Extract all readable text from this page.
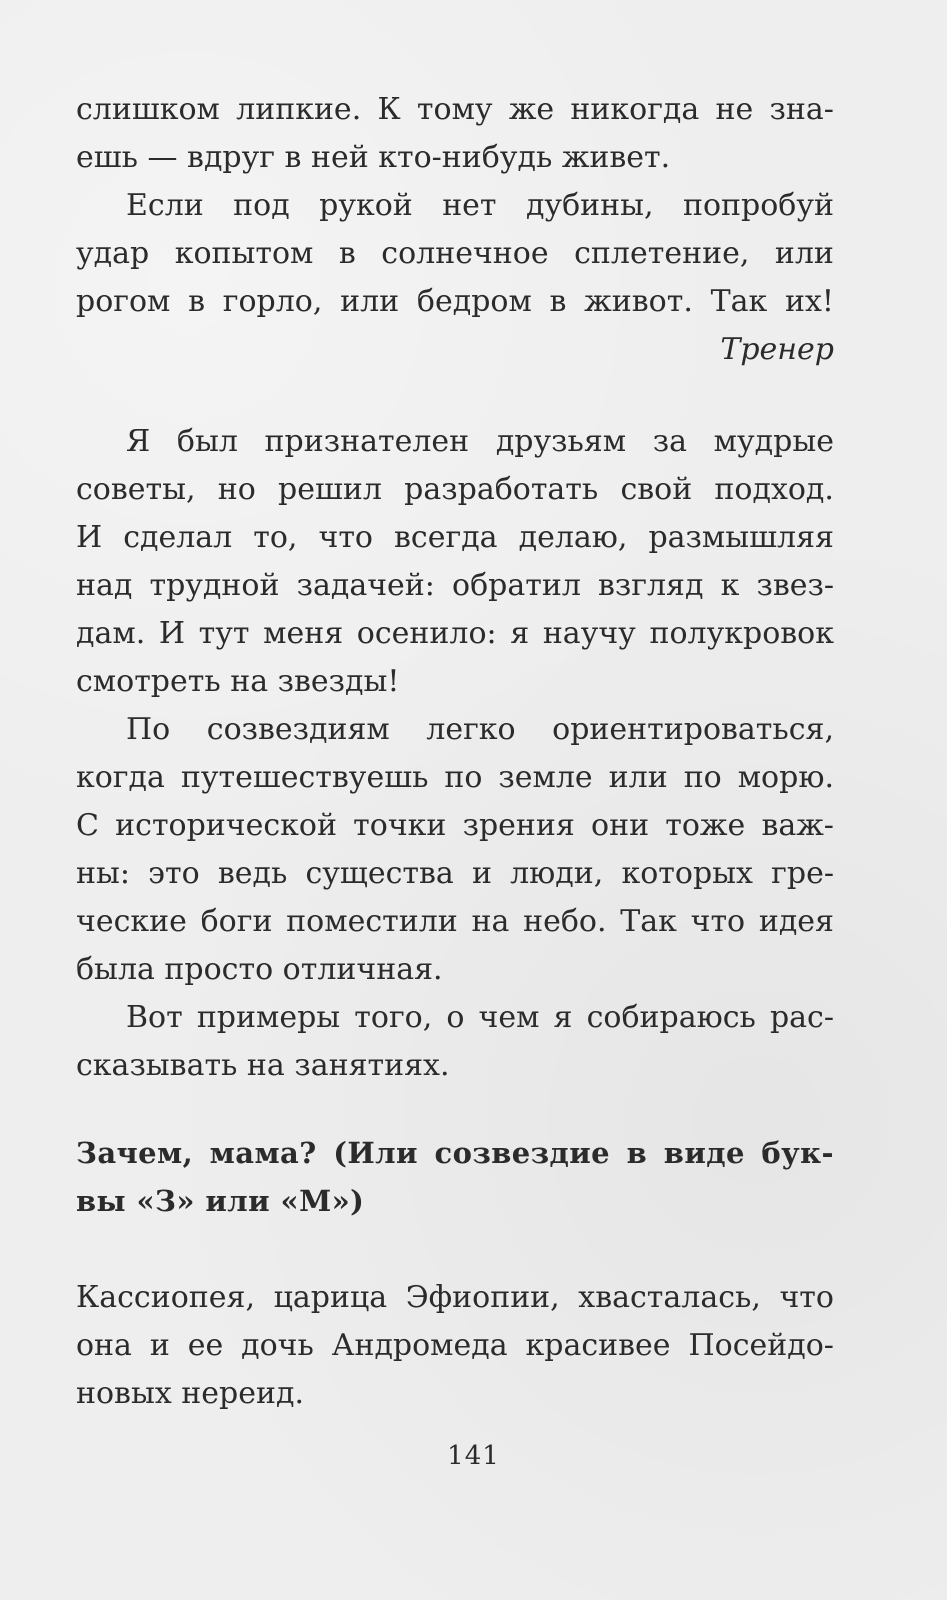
слишком липкие. К тому же никогда не зна-
ешь — вдруг в ней кто-нибудь живет.
Если под рукой нет дубины, попробуй
удар копытом в солнечное сплетение, или
рогом в горло, или бедром в живот. Так их!
Тренер
Я был признателен друзьям за мудрые
советы, но решил разработать свой подход.
И сделал то, что всегда делаю, размышляя
над трудной задачей: обратил взгляд к звез-
дам. И тут меня осенило: я научу полукровок
смотреть на звезды!
По созвездиям легко ориентироваться,
когда путешествуешь по земле или по морю.
С исторической точки зрения они тоже важ-
ны: это ведь существа и люди, которых гре-
ческие боги поместили на небо. Так что идея
была просто отличная.
Вот примеры того, о чем я собираюсь рас-
сказывать на занятиях.
Зачем, мама? (Или созвездие в виде бук-
вы «З» или «М»)
Кассиопея, царица Эфиопии, хвасталась, что
она и ее дочь Андромеда красивее Посейдо-
новых нереид.
141
